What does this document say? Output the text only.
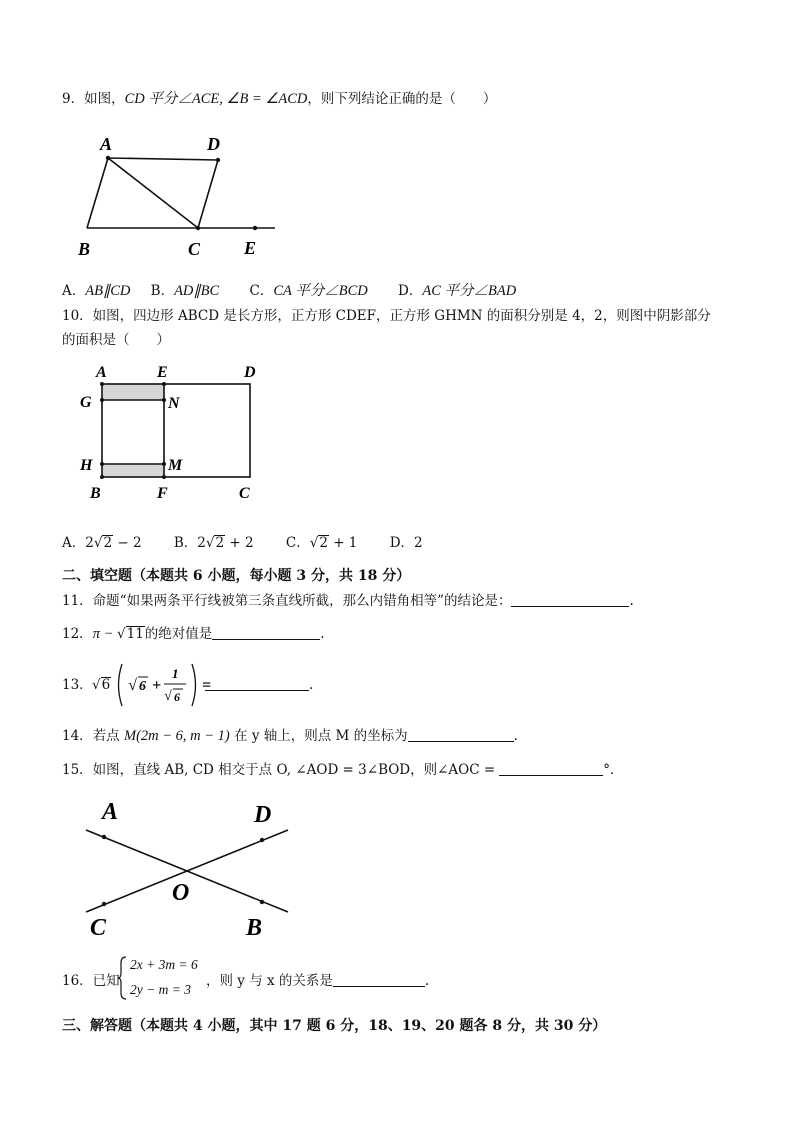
9．如图，CD 平分∠ACE, ∠B = ∠ACD，则下列结论正确的是（　　）
A	D
B	C E
A．AB∥CD B．AD∥BC C．CA 平分∠BCD D．AC 平分∠BAD
10．如图，四边形 ABCD 是长方形，正方形 CDEF，正方形 GHMN 的面积分别是 4，2，则图中阴影部分
的面积是（　　）
A	E	D
G	N
H	M
B	F	C
A．2√2 − 2 B．2√2 + 2 C．√2 + 1 D．2
二、填空题（本题共 6 小题，每小题 3 分，共 18 分）
11．命题“如果两条平行线被第三条直线所截，那么内错角相等”的结论是：	.
12．π − √11的绝对值是	.
13． √6 √ 6 +
1
√ 6
=	.
14．若点 M(2m − 6, m − 1) 在 y 轴上，则点 M 的坐标为	.
15．如图，直线 AB, CD 相交于点 O, ∠AOD = 3∠BOD，则∠AOC =	°．
A	D
O
C	B
16．已知
2x + 3m = 6
2y − m = 3
，则 y 与 x 的关系是	.
三、解答题（本题共 4 小题，其中 17 题 6 分，18、19、20 题各 8 分，共 30 分）
